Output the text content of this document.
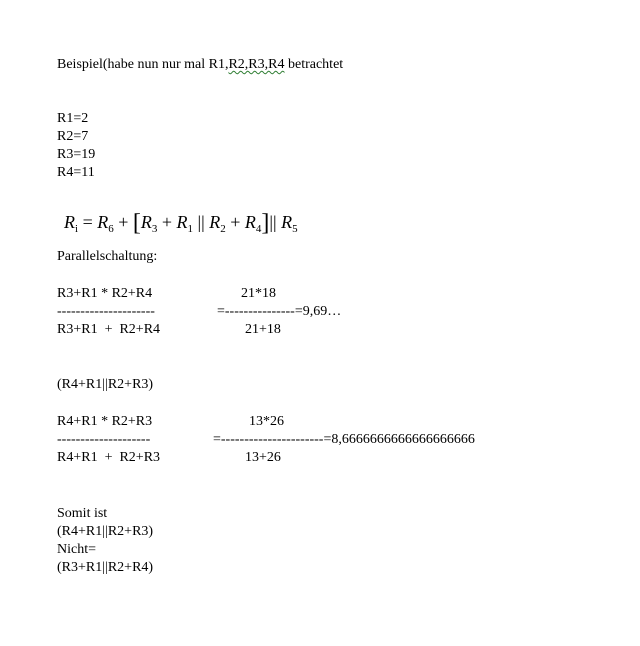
Beispiel(habe nun nur mal R1,R2,R3,R4 betrachtet
R1=2
R2=7
R3=19
R4=11
$R_i = R_6 + [R_3 + R_1$ || $R_2 + R_4]||$ $R_5$
Parallelschaltung:
R3+R1 * R2+R4	21*18
---------------------	=---------------=9,69…
R3+R1  +  R2+R4	21+18
(R4+R1||R2+R3)
R4+R1 * R2+R3	13*26
--------------------	=----------------------=8,6666666666666666666
R4+R1  +  R2+R3	13+26
Somit ist
(R4+R1||R2+R3)
Nicht=
(R3+R1||R2+R4)
